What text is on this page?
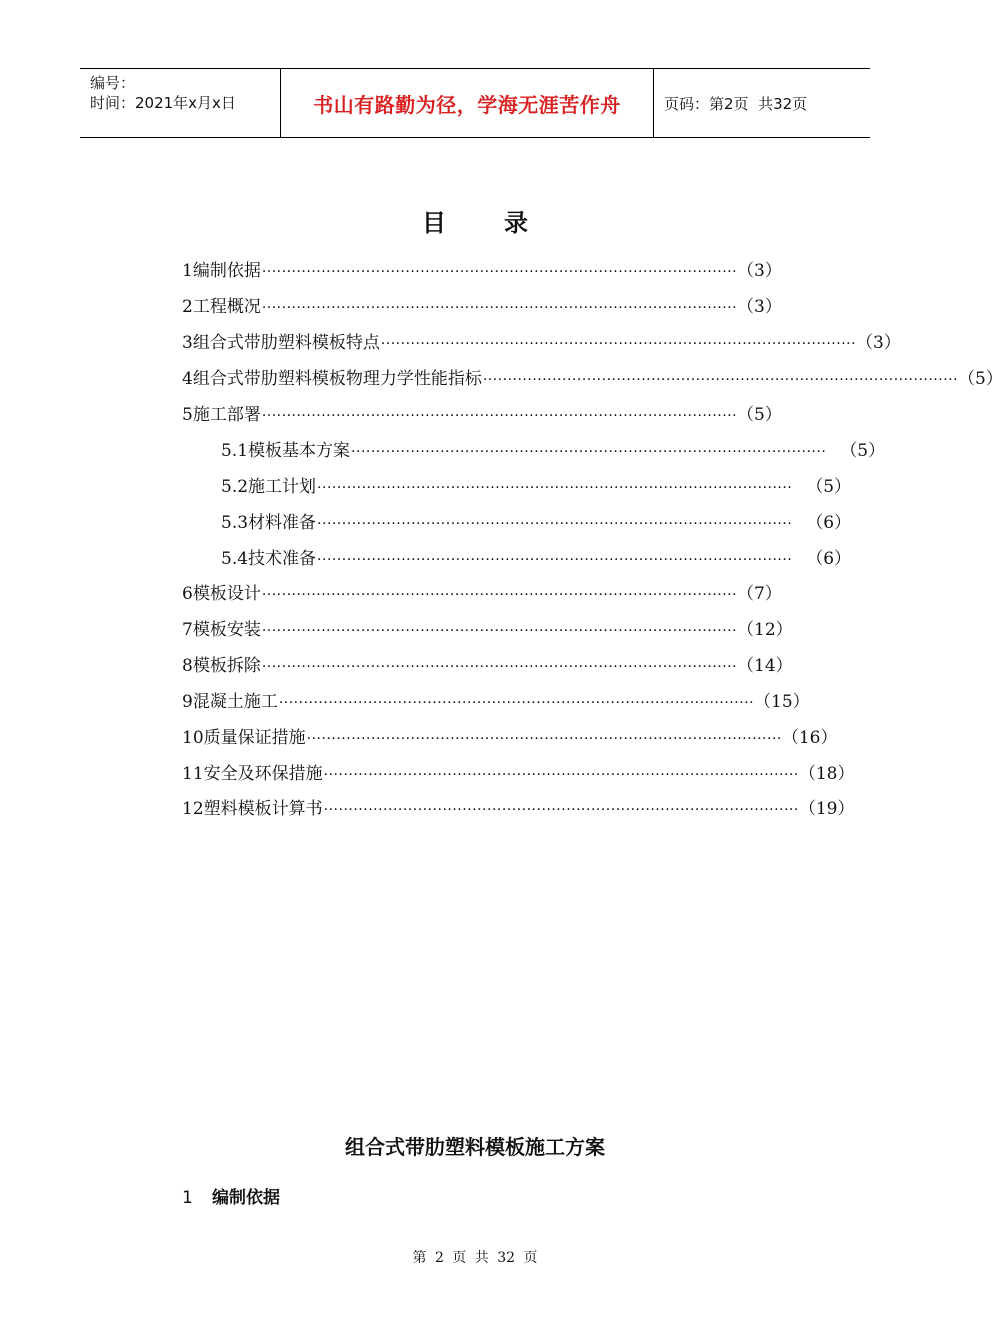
编号：
时间：2021年x月x日	书山有路勤为径，学海无涯苦作舟	页码：第2页  共32页
目 录
1 编制依据 ································································································ （3）
2 工程概况 ································································································ （3）
3 组合式带肋塑料模板特点 ································································································ （3）
4 组合式带肋塑料模板物理力学性能指标 ································································································ （5）
5 施工部署 ································································································ （5）
5.1 模板基本方案 ································································································ （5）
5.2 施工计划 ································································································ （5）
5.3 材料准备 ································································································ （6）
5.4 技术准备 ································································································ （6）
6 模板设计 ································································································ （7）
7 模板安装 ································································································ （12）
8 模板拆除 ································································································ （14）
9 混凝土施工 ································································································ （15）
10 质量保证措施 ································································································ （16）
11 安全及环保措施 ································································································ （18）
12 塑料模板计算书 ································································································ （19）
组合式带肋塑料模板施工方案
1 编制依据
第 2 页 共 32 页
